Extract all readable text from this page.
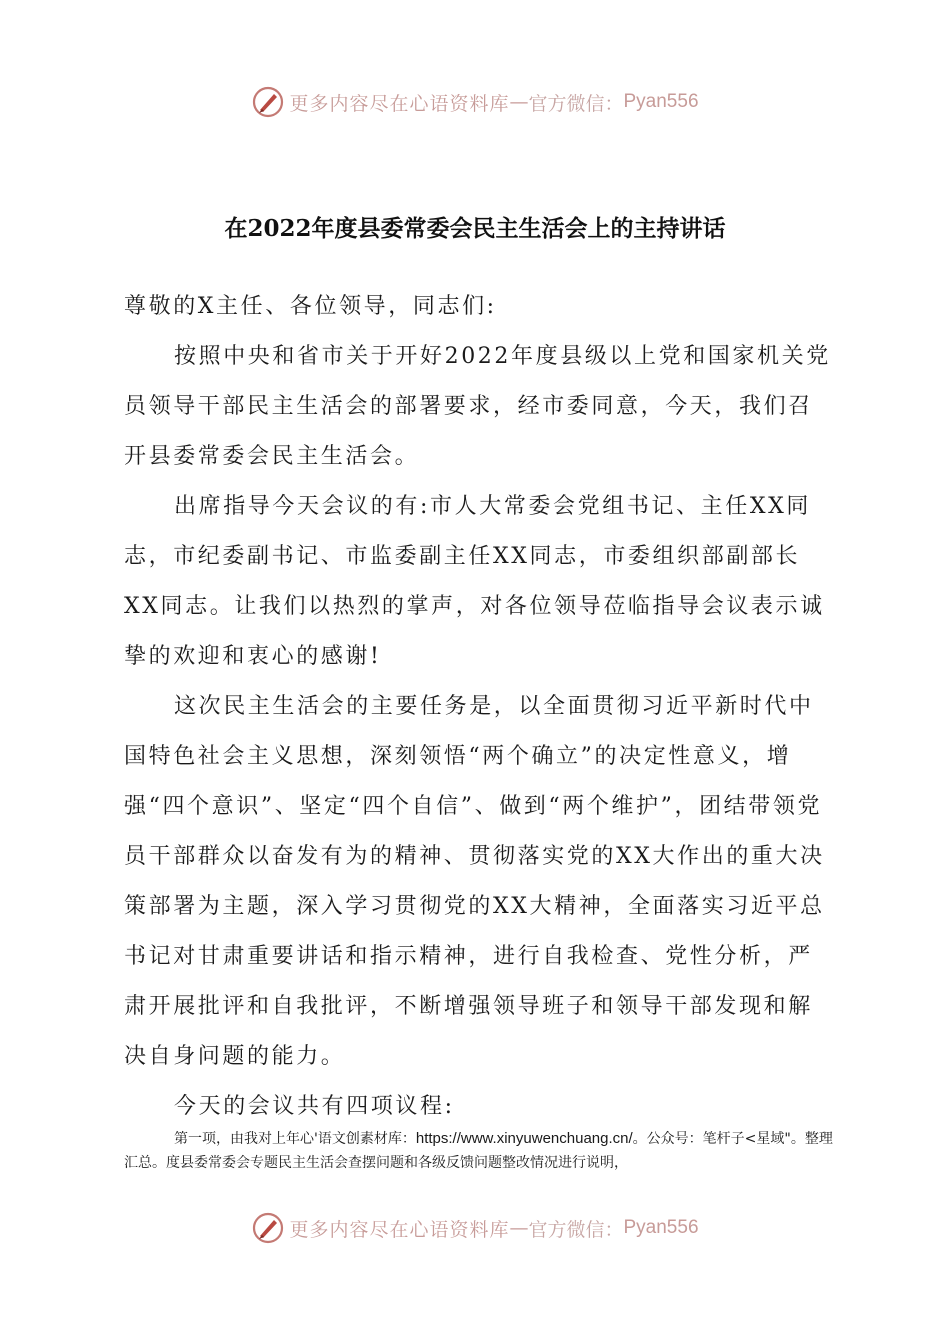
更多内容尽在心语资料库 — 官方微信： Pyan556
在2022年度县委常委会民主生活会上的主持讲话

尊敬的X主任、各位领导，同志们:

按照中央和省市关于开好2022年度县级以上党和国家机关党员领导干部民主生活会的部署要求，经市委同意，今天，我们召开县委常委会民主生活会。

出席指导今天会议的有:市人大常委会党组书记、主任XX同志，市纪委副书记、市监委副主任XX同志，市委组织部副部长XX同志。让我们以热烈的掌声，对各位领导莅临指导会议表示诚挚的欢迎和衷心的感谢!

这次民主生活会的主要任务是，以全面贯彻习近平新时代中国特色社会主义思想，深刻领悟“两个确立”的决定性意义，增强“四个意识”、坚定“四个自信”、做到“两个维护”，团结带领党员干部群众以奋发有为的精神、贯彻落实党的XX大作出的重大决策部署为主题，深入学习贯彻党的XX大精神，全面落实习近平总书记对甘肃重要讲话和指示精神，进行自我检查、党性分析，严肃开展批评和自我批评，不断增强领导班子和领导干部发现和解决自身问题的能力。

今天的会议共有四项议程:

第一项，由我对上年心'语文创素材库：https://www.xinyuwenchuang.cn/。公众号：笔杆子<星域"。整理汇总。度县委常委会专题民主生活会查摆问题和各级反馈问题整改情况进行说明，
更多内容尽在心语资料库 — 官方微信： Pyan556
